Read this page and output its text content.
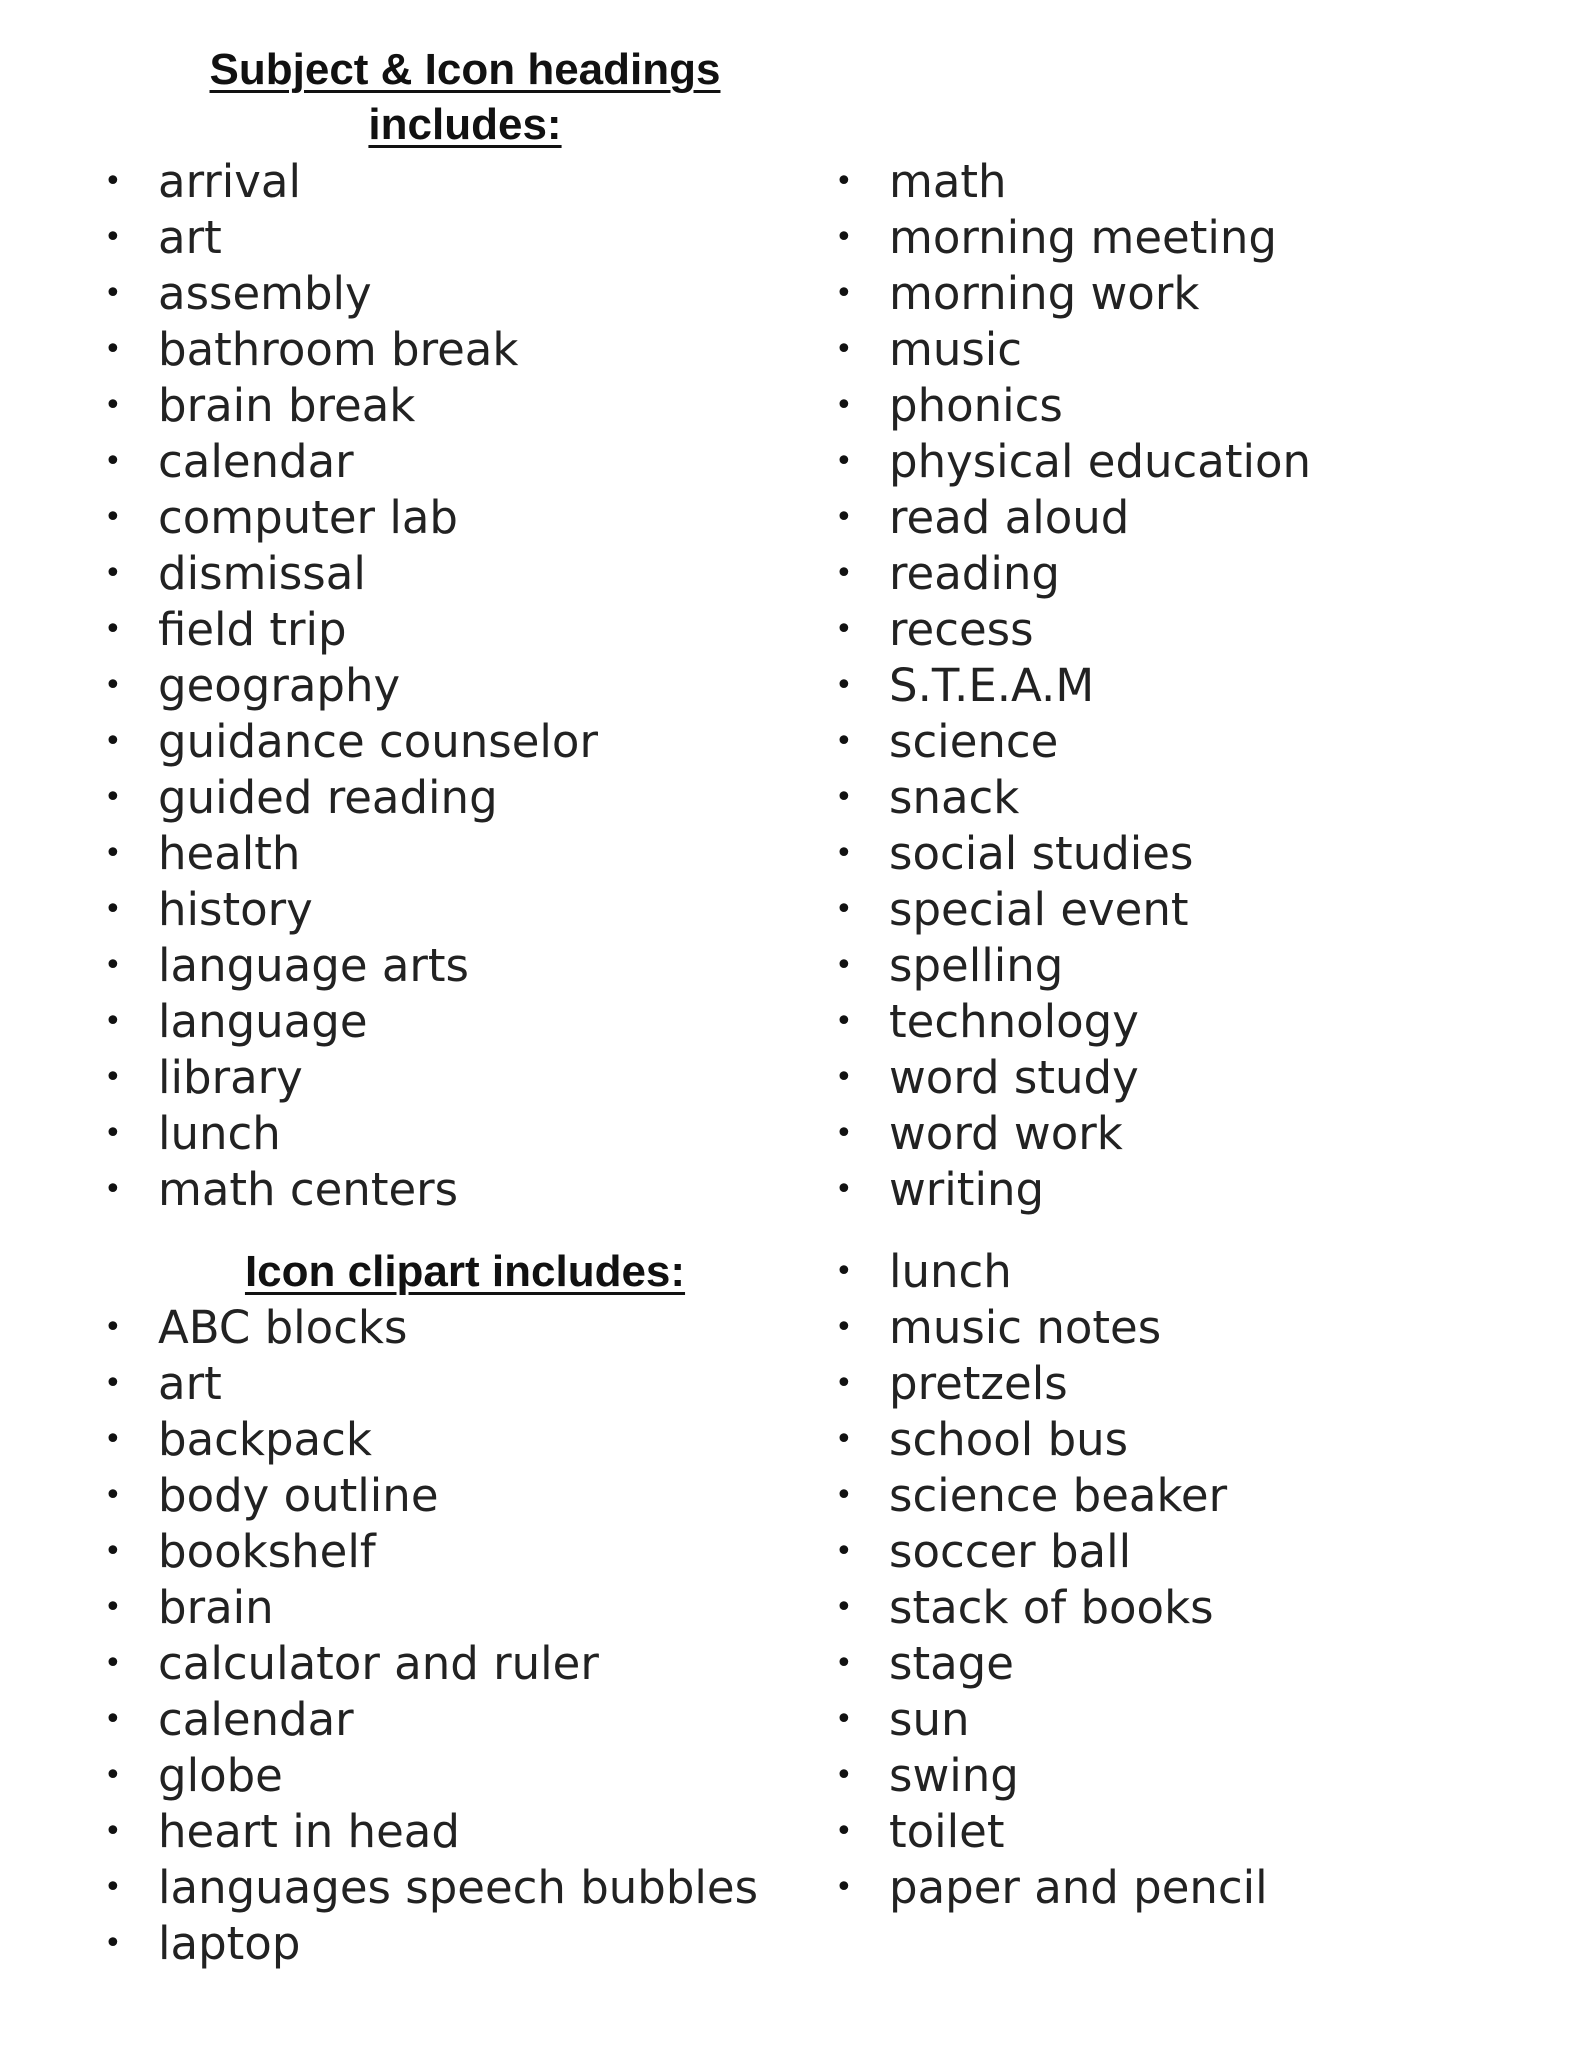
Subject & Icon headings includes:
• arrival
• art
• assembly
• bathroom break
• brain break
• calendar
• computer lab
• dismissal
• field trip
• geography
• guidance counselor
• guided reading
• health
• history
• language arts
• language
• library
• lunch
• math centers
• math
• morning meeting
• morning work
• music
• phonics
• physical education
• read aloud
• reading
• recess
• S.T.E.A.M
• science
• snack
• social studies
• special event
• spelling
• technology
• word study
• word work
• writing
Icon clipart includes:
• ABC blocks
• art
• backpack
• body outline
• bookshelf
• brain
• calculator and ruler
• calendar
• globe
• heart in head
• languages speech bubbles
• laptop
• lunch
• music notes
• pretzels
• school bus
• science beaker
• soccer ball
• stack of books
• stage
• sun
• swing
• toilet
• paper and pencil
